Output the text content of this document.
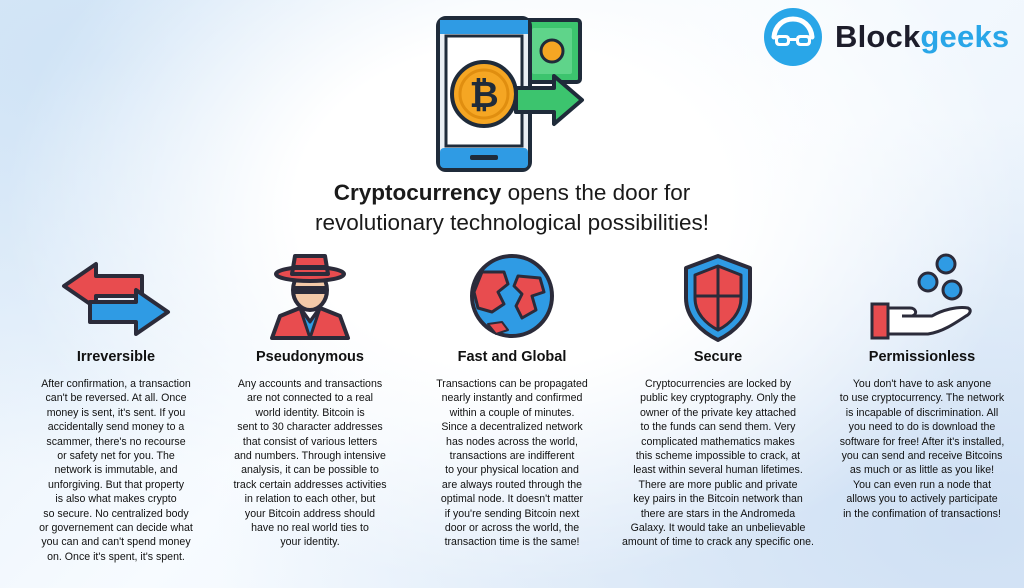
Blockgeeks
₿
Cryptocurrency opens the door for
revolutionary technological possibilities!
Irreversible
After confirmation, a transaction
can't be reversed. At all. Once
money is sent, it's sent. If you
accidentally send money to a
scammer, there's no recourse
or safety net for you. The
network is immutable, and
unforgiving. But that property
is also what makes crypto
so secure. No centralized body
or governement can decide what
you can and can't spend money
on. Once it's spent, it's spent.
Pseudonymous
Any accounts and transactions
are not connected to a real
world identity. Bitcoin is
sent to 30 character addresses
that consist of various letters
and numbers. Through intensive
analysis, it can be possible to
track certain addresses activities
in relation to each other, but
your Bitcoin address should
have no real world ties to
your identity.
Fast and Global
Transactions can be propagated
nearly instantly and confirmed
within a couple of minutes.
Since a decentralized network
has nodes across the world,
transactions are indifferent
to your physical location and
are always routed through the
optimal node. It doesn't matter
if you're sending Bitcoin next
door or across the world, the
transaction time is the same!
Secure
Cryptocurrencies are locked by
public key cryptography. Only the
owner of the private key attached
to the funds can send them. Very
complicated mathematics makes
this scheme impossible to crack, at
least within several human lifetimes.
There are more public and private
key pairs in the Bitcoin network than
there are stars in the Andromeda
Galaxy. It would take an unbelievable
amount of time to crack any specific one.
Permissionless
You don't have to ask anyone
to use cryptocurrency. The network
is incapable of discrimination. All
you need to do is download the
software for free! After it's installed,
you can send and receive Bitcoins
as much or as little as you like!
You can even run a node that
allows you to actively participate
in the confimation of transactions!
